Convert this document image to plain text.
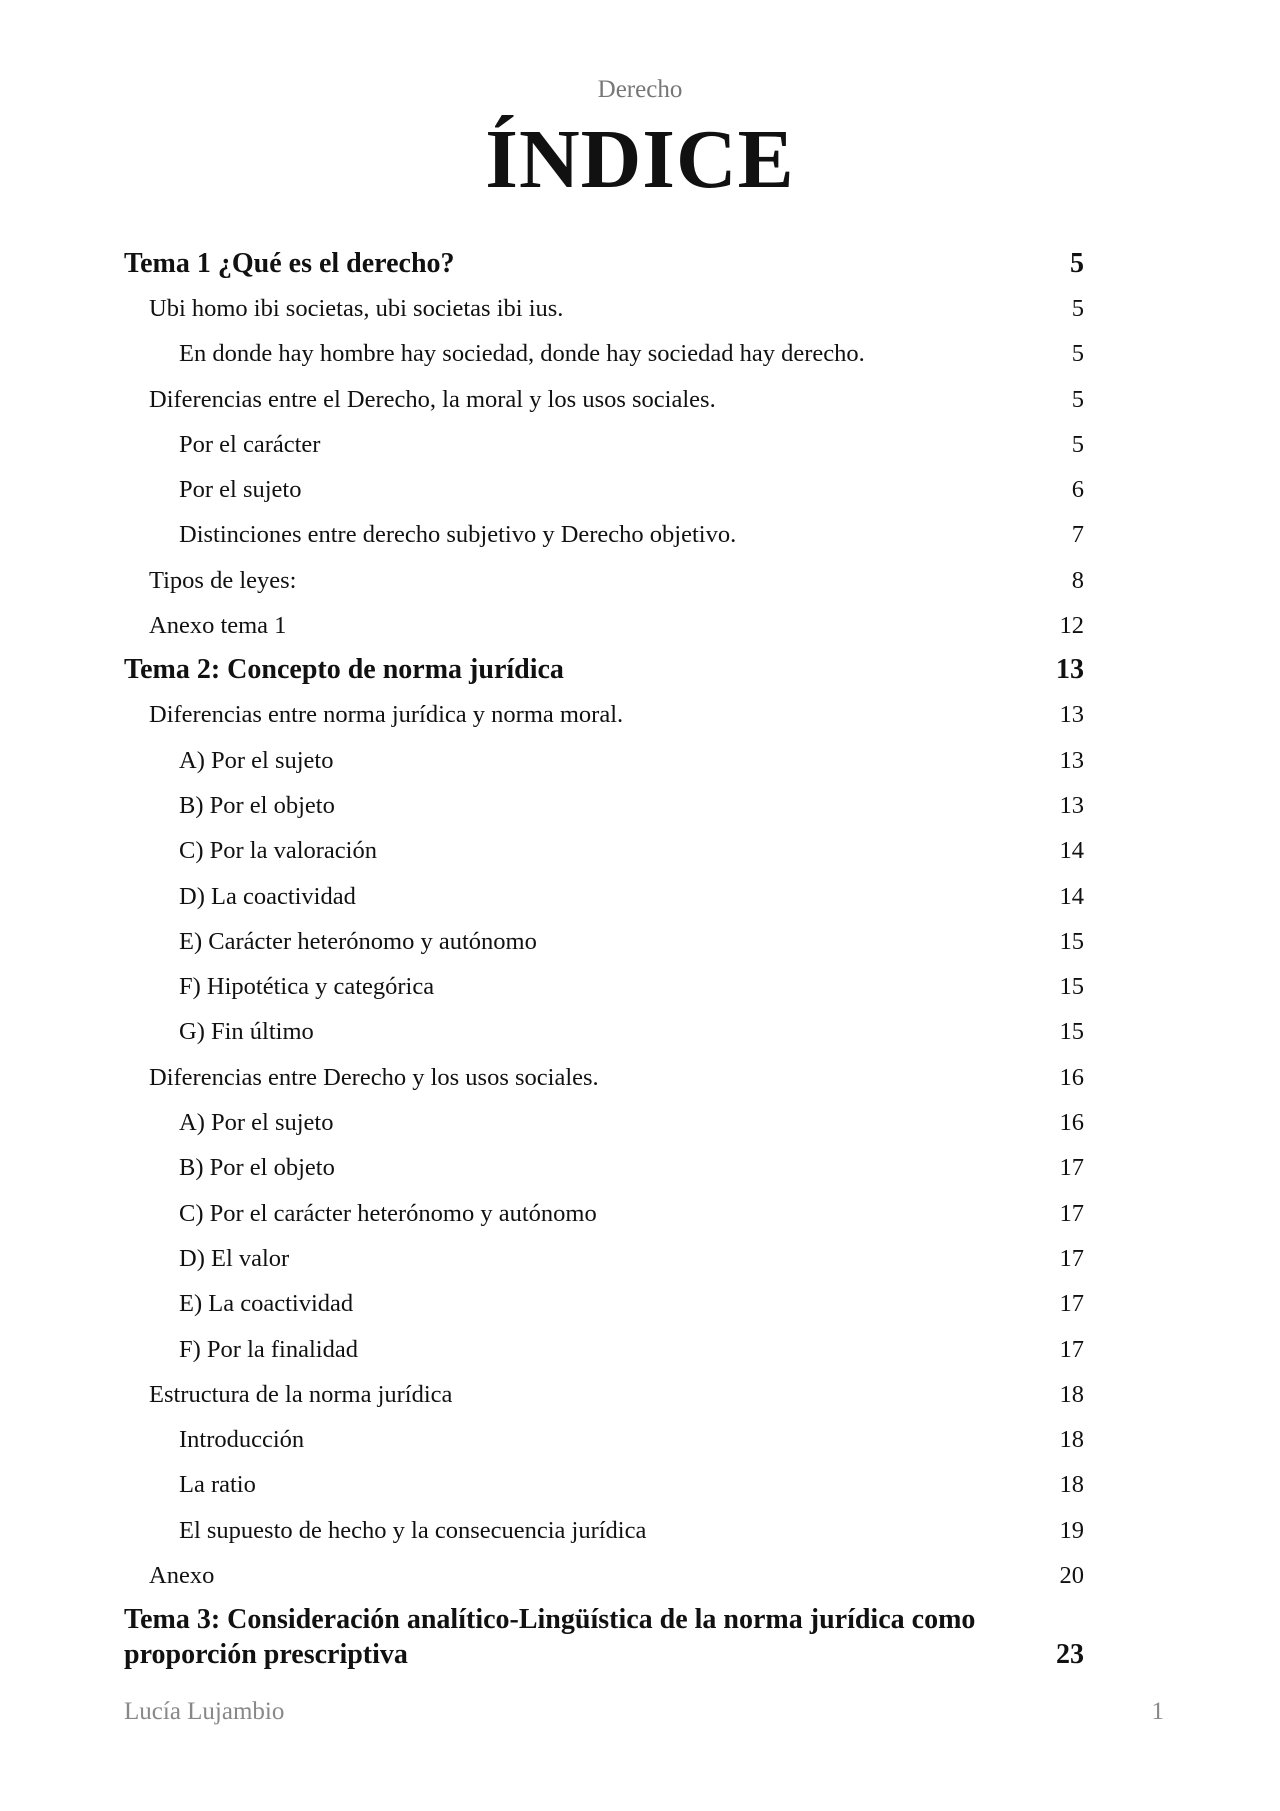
Derecho
ÍNDICE
Tema 1 ¿Qué es el derecho?	5
Ubi homo ibi societas, ubi societas ibi ius.	5
En donde hay hombre hay sociedad, donde hay sociedad hay derecho.	5
Diferencias entre el Derecho, la moral y los usos sociales.	5
Por el carácter	5
Por el sujeto	6
Distinciones entre derecho subjetivo y Derecho objetivo.	7
Tipos de leyes:	8
Anexo tema 1	12
Tema 2: Concepto de norma jurídica	13
Diferencias entre norma jurídica y norma moral.	13
A) Por el sujeto	13
B) Por el objeto	13
C) Por la valoración	14
D) La coactividad	14
E) Carácter heterónomo y autónomo	15
F) Hipotética y categórica	15
G) Fin último	15
Diferencias entre Derecho y los usos sociales.	16
A) Por el sujeto	16
B) Por el objeto	17
C) Por el carácter heterónomo y autónomo	17
D) El valor	17
E) La coactividad	17
F) Por la finalidad	17
Estructura de la norma jurídica	18
Introducción	18
La ratio	18
El supuesto de hecho y la consecuencia jurídica	19
Anexo	20
Tema 3: Consideración analítico-Lingüística de la norma jurídica como proporción prescriptiva	23
Lucía Lujambio	1
